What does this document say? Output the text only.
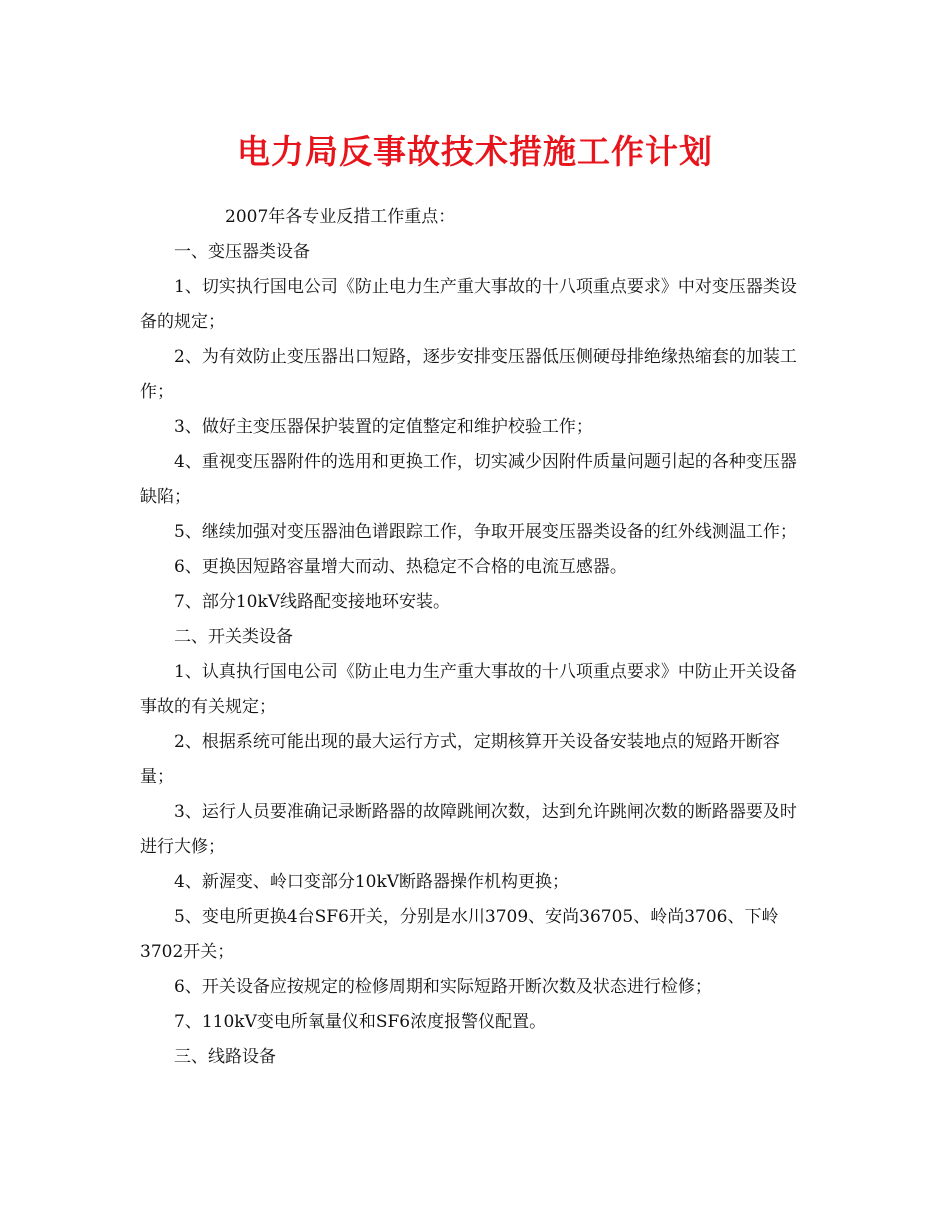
电力局反事故技术措施工作计划

2007年各专业反措工作重点：

一、变压器类设备

1、切实执行国电公司《防止电力生产重大事故的十八项重点要求》中对变压器类设备的规定；

2、为有效防止变压器出口短路，逐步安排变压器低压侧硬母排绝缘热缩套的加装工作；

3、做好主变压器保护装置的定值整定和维护校验工作；

4、重视变压器附件的选用和更换工作，切实减少因附件质量问题引起的各种变压器缺陷；

5、继续加强对变压器油色谱跟踪工作，争取开展变压器类设备的红外线测温工作；

6、更换因短路容量增大而动、热稳定不合格的电流互感器。

7、部分10kV线路配变接地环安装。

二、开关类设备

1、认真执行国电公司《防止电力生产重大事故的十八项重点要求》中防止开关设备事故的有关规定；

2、根据系统可能出现的最大运行方式，定期核算开关设备安装地点的短路开断容量；

3、运行人员要准确记录断路器的故障跳闸次数，达到允许跳闸次数的断路器要及时进行大修；

4、新渥变、岭口变部分10kV断路器操作机构更换；

5、变电所更换4台SF6开关，分别是水川3709、安尚36705、岭尚3706、下岭3702开关；

6、开关设备应按规定的检修周期和实际短路开断次数及状态进行检修；

7、110kV变电所氧量仪和SF6浓度报警仪配置。

三、线路设备
